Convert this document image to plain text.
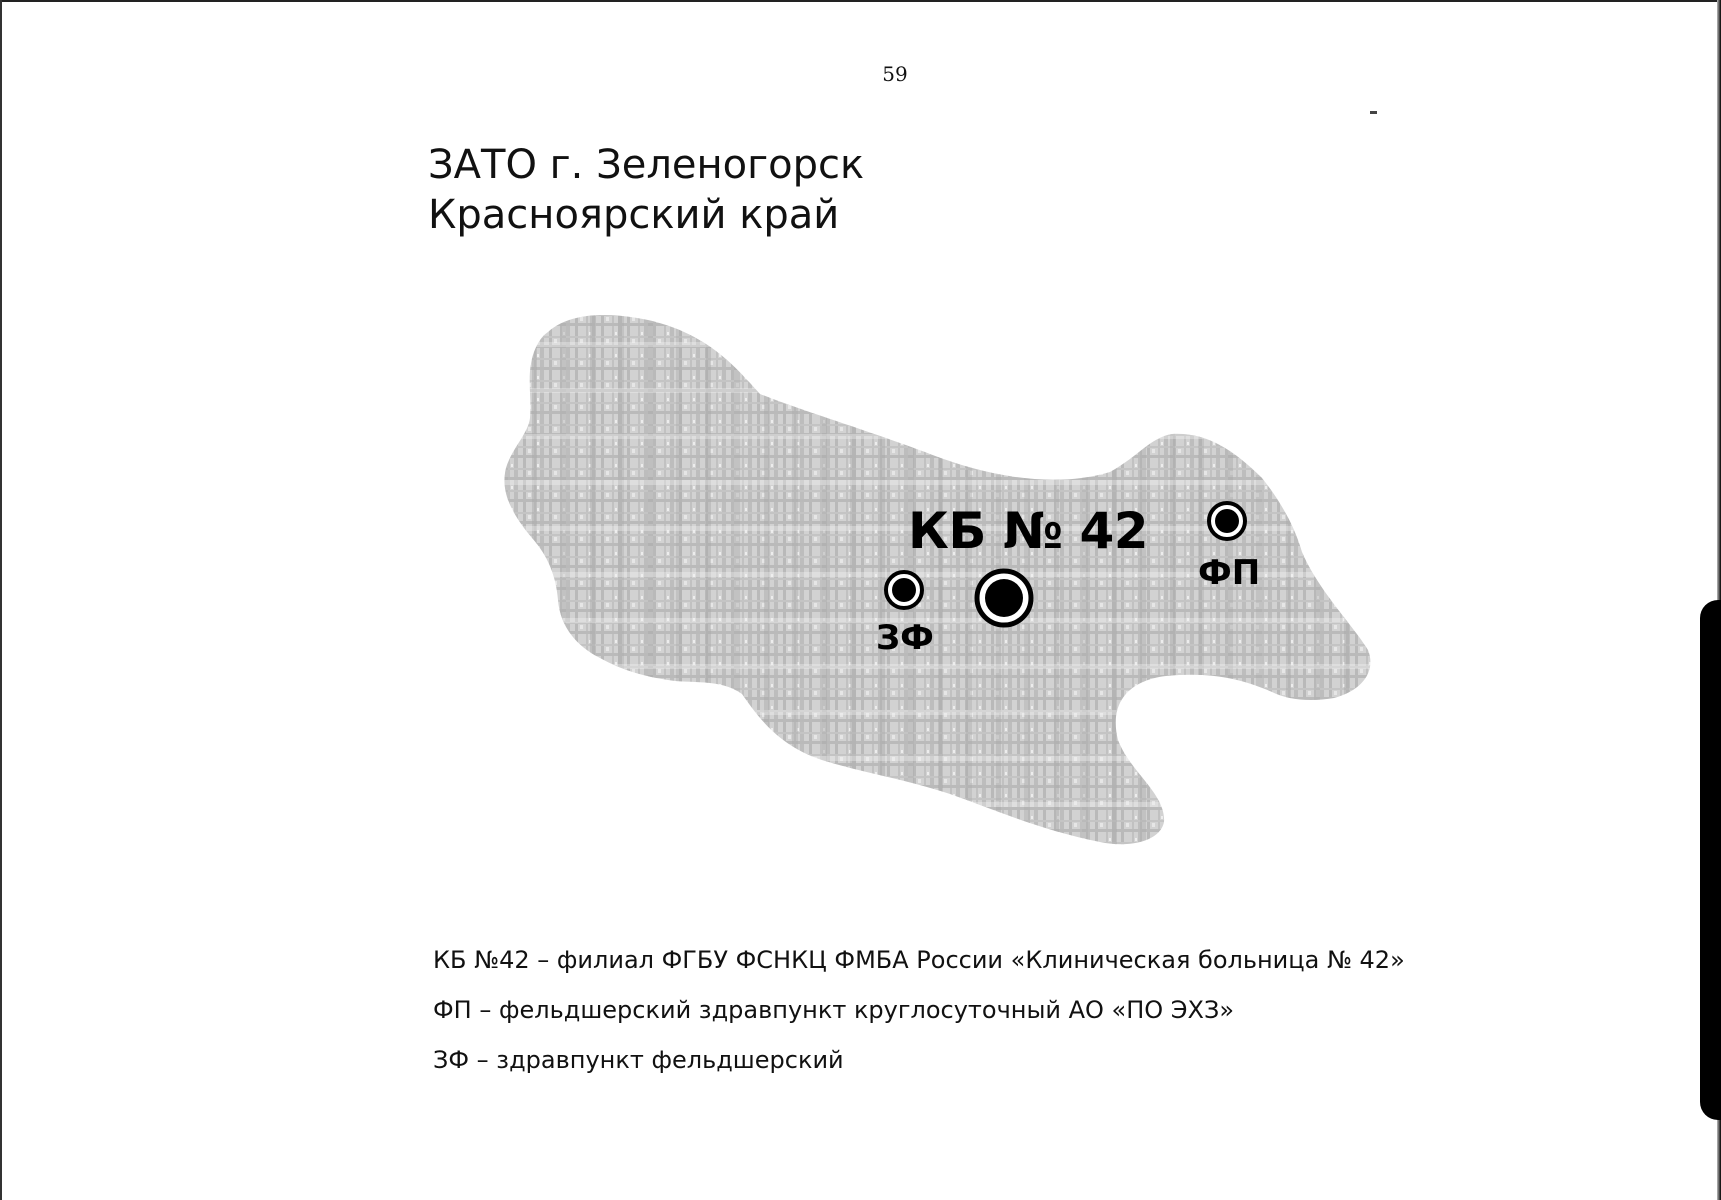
59
ЗАТО г. Зеленогорск
Красноярский край
КБ № 42
ФП
ЗФ
КБ №42 – филиал ФГБУ ФСНКЦ ФМБА России «Клиническая больница № 42»
ФП – фельдшерский здравпункт круглосуточный АО «ПО ЭХЗ»
ЗФ – здравпункт фельдшерский
